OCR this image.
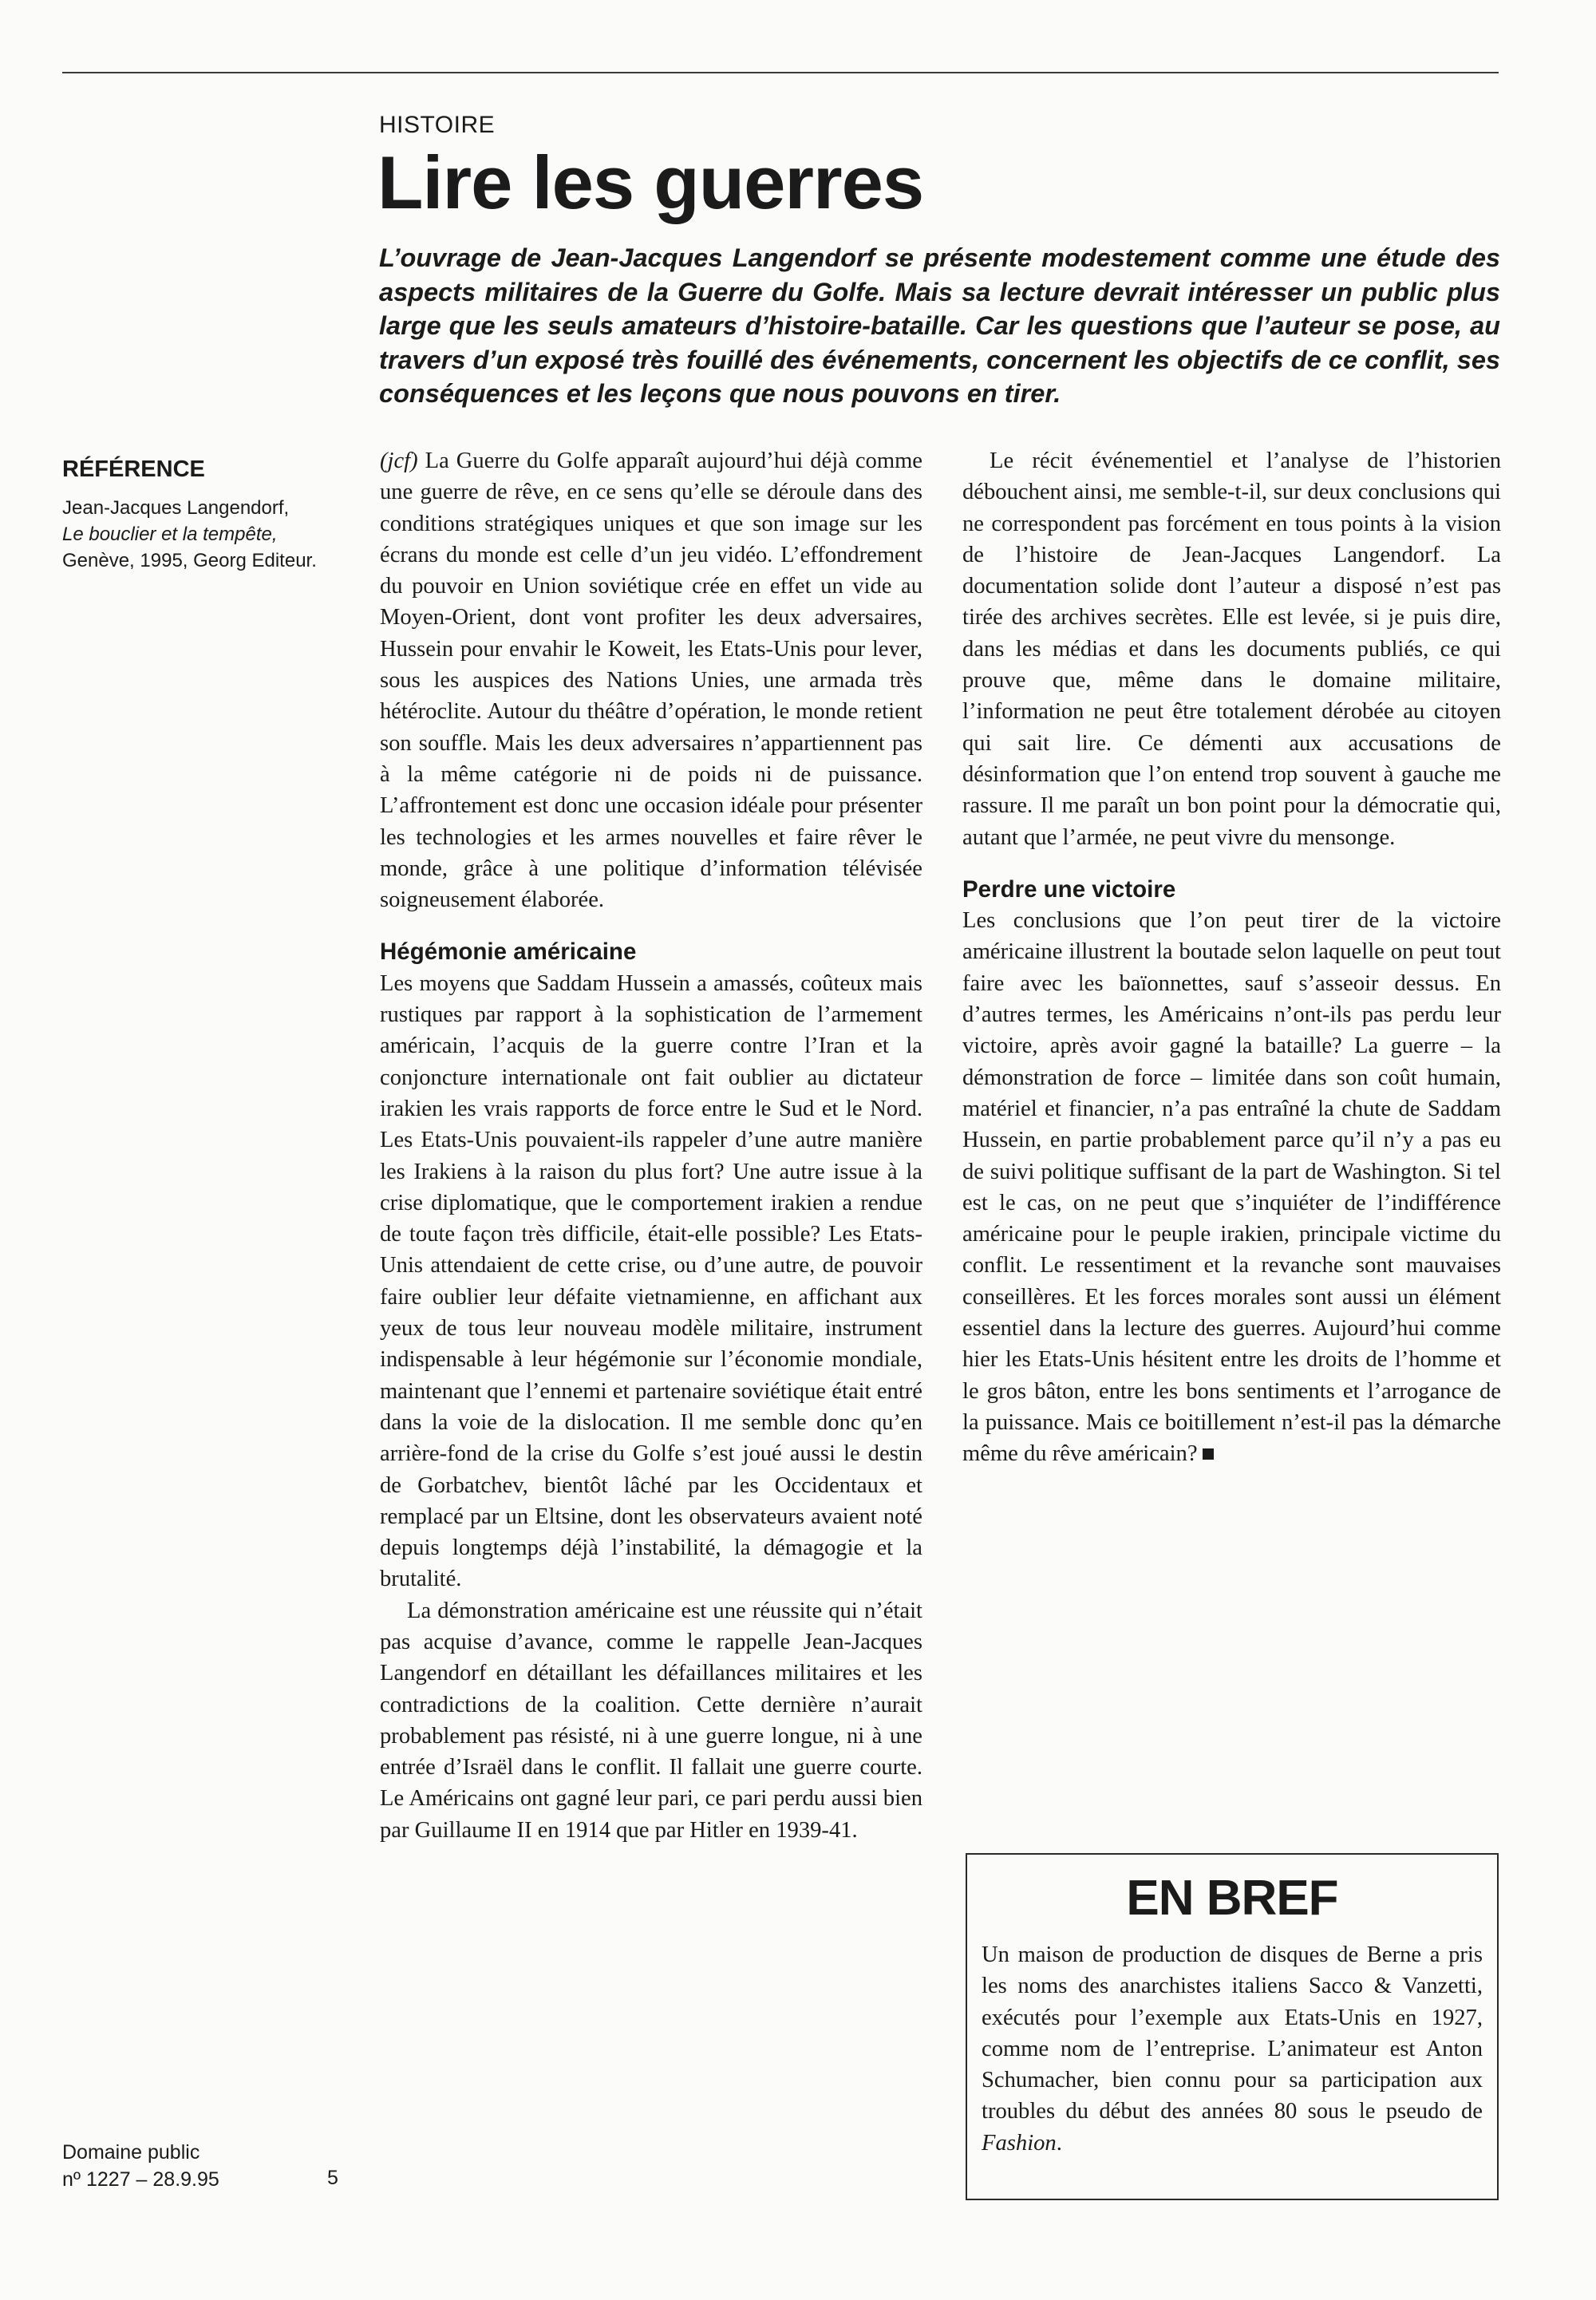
HISTOIRE
Lire les guerres

L’ouvrage de Jean-Jacques Langendorf se présente modestement comme une étude des aspects militaires de la Guerre du Golfe. Mais sa lecture devrait intéresser un public plus large que les seuls amateurs d’histoire-bataille. Car les questions que l’auteur se pose, au travers d’un exposé très fouillé des événements, concernent les objectifs de ce conflit, ses conséquences et les leçons que nous pouvons en tirer.

RÉFÉRENCE
Jean-Jacques Langendorf,
Le bouclier et la tempête,
Genève, 1995, Georg Editeur.

(jcf) La Guerre du Golfe apparaît aujourd’hui déjà comme une guerre de rêve, en ce sens qu’elle se déroule dans des conditions stratégiques uniques et que son image sur les écrans du monde est celle d’un jeu vidéo. L’effondrement du pouvoir en Union soviétique crée en effet un vide au Moyen-Orient, dont vont profiter les deux adversaires, Hussein pour envahir le Koweit, les Etats-Unis pour lever, sous les auspices des Nations Unies, une armada très hétéroclite. Autour du théâtre d’opération, le monde retient son souffle. Mais les deux adversaires n’appartiennent pas à la même catégorie ni de poids ni de puissance. L’affrontement est donc une occasion idéale pour présenter les technologies et les armes nouvelles et faire rêver le monde, grâce à une politique d’information télévisée soigneusement élaborée.

Hégémonie américaine

Les moyens que Saddam Hussein a amassés, coûteux mais rustiques par rapport à la sophistication de l’armement américain, l’acquis de la guerre contre l’Iran et la conjoncture internationale ont fait oublier au dictateur irakien les vrais rapports de force entre le Sud et le Nord. Les Etats-Unis pouvaient-ils rappeler d’une autre manière les Irakiens à la raison du plus fort? Une autre issue à la crise diplomatique, que le comportement irakien a rendue de toute façon très difficile, était-elle possible? Les Etats-Unis attendaient de cette crise, ou d’une autre, de pouvoir faire oublier leur défaite vietnamienne, en affichant aux yeux de tous leur nouveau modèle militaire, instrument indispensable à leur hégémonie sur l’économie mondiale, maintenant que l’ennemi et partenaire soviétique était entré dans la voie de la dislocation. Il me semble donc qu’en arrière-fond de la crise du Golfe s’est joué aussi le destin de Gorbatchev, bientôt lâché par les Occidentaux et remplacé par un Eltsine, dont les observateurs avaient noté depuis longtemps déjà l’instabilité, la démagogie et la brutalité.

La démonstration américaine est une réussite qui n’était pas acquise d’avance, comme le rappelle Jean-Jacques Langendorf en détaillant les défaillances militaires et les contradictions de la coalition. Cette dernière n’aurait probablement pas résisté, ni à une guerre longue, ni à une entrée d’Israël dans le conflit. Il fallait une guerre courte. Le Américains ont gagné leur pari, ce pari perdu aussi bien par Guillaume II en 1914 que par Hitler en 1939-41.

Le récit événementiel et l’analyse de l’historien débouchent ainsi, me semble-t-il, sur deux conclusions qui ne correspondent pas forcément en tous points à la vision de l’histoire de Jean-Jacques Langendorf. La documentation solide dont l’auteur a disposé n’est pas tirée des archives secrètes. Elle est levée, si je puis dire, dans les médias et dans les documents publiés, ce qui prouve que, même dans le domaine militaire, l’information ne peut être totalement dérobée au citoyen qui sait lire. Ce démenti aux accusations de désinformation que l’on entend trop souvent à gauche me rassure. Il me paraît un bon point pour la démocratie qui, autant que l’armée, ne peut vivre du mensonge.

Perdre une victoire

Les conclusions que l’on peut tirer de la victoire américaine illustrent la boutade selon laquelle on peut tout faire avec les baïonnettes, sauf s’asseoir dessus. En d’autres termes, les Américains n’ont-ils pas perdu leur victoire, après avoir gagné la bataille? La guerre – la démonstration de force – limitée dans son coût humain, matériel et financier, n’a pas entraîné la chute de Saddam Hussein, en partie probablement parce qu’il n’y a pas eu de suivi politique suffisant de la part de Washington. Si tel est le cas, on ne peut que s’inquiéter de l’indifférence américaine pour le peuple irakien, principale victime du conflit. Le ressentiment et la revanche sont mauvaises conseillères. Et les forces morales sont aussi un élément essentiel dans la lecture des guerres. Aujourd’hui comme hier les Etats-Unis hésitent entre les droits de l’homme et le gros bâton, entre les bons sentiments et l’arrogance de la puissance. Mais ce boitillement n’est-il pas la démarche même du rêve américain?

EN BREF

Un maison de production de disques de Berne a pris les noms des anarchistes italiens Sacco & Vanzetti, exécutés pour l’exemple aux Etats-Unis en 1927, comme nom de l’entreprise. L’animateur est Anton Schumacher, bien connu pour sa participation aux troubles du début des années 80 sous le pseudo de Fashion.

Domaine public
nº 1227 – 28.9.95	5
